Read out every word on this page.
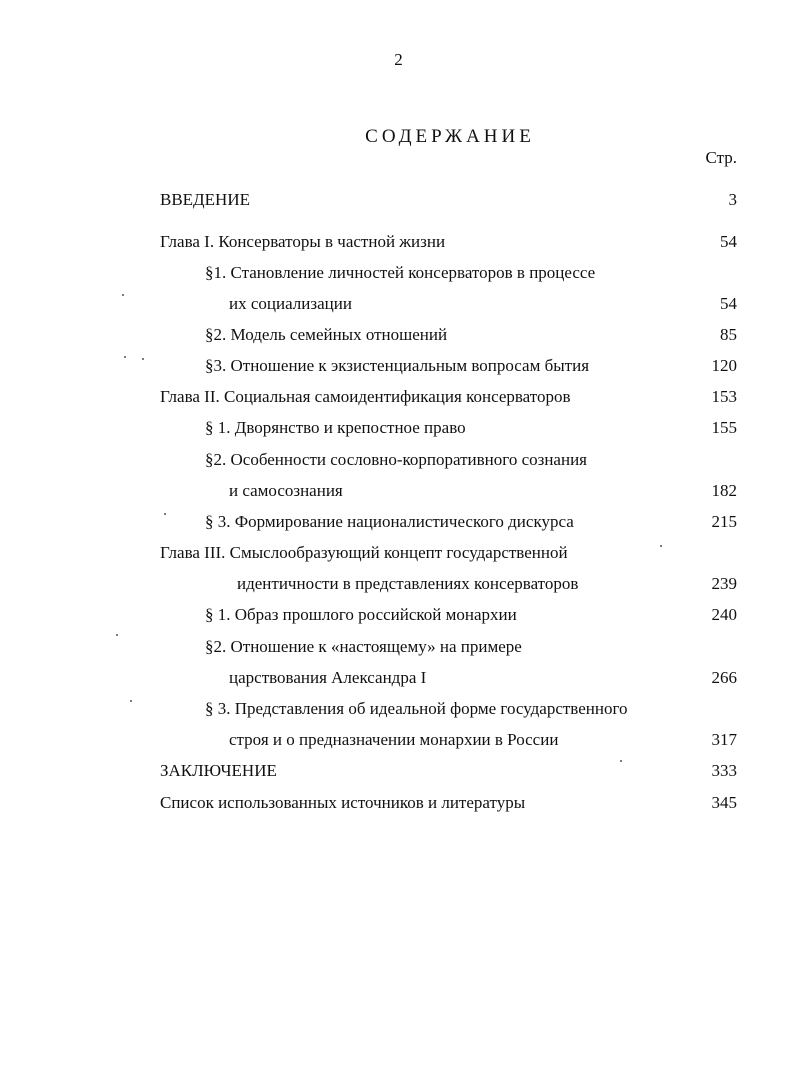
2
СОДЕРЖАНИЕ
Стр.
ВВЕДЕНИЕ	3
Глава I. Консерваторы в частной жизни	54
§1. Становление личностей консерваторов в процессе
их социализации	54
§2. Модель семейных отношений	85
§3. Отношение к экзистенциальным вопросам бытия	120
Глава II. Социальная самоидентификация консерваторов	153
§ 1. Дворянство и крепостное право	155
§2. Особенности сословно-корпоративного сознания
и самосознания	182
§ 3. Формирование националистического дискурса	215
Глава III. Смыслообразующий концепт государственной
идентичности в представлениях консерваторов	239
§ 1. Образ прошлого российской монархии	240
§2. Отношение к «настоящему» на примере
царствования Александра I	266
§ 3. Представления об идеальной форме государственного
строя и о предназначении монархии в России	317
ЗАКЛЮЧЕНИЕ	333
Список использованных источников и литературы	345
